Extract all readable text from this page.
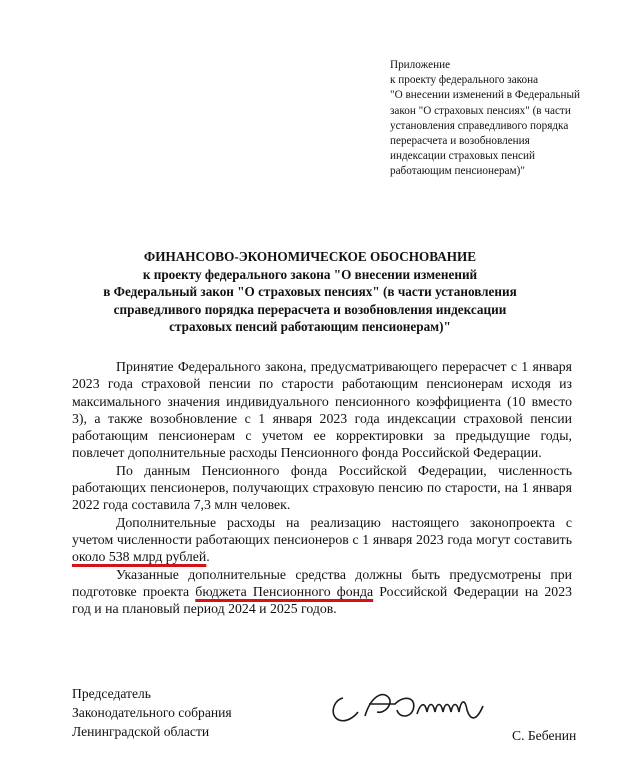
Приложение
к проекту федерального закона
"О внесении изменений в Федеральный
закон "О страховых пенсиях" (в части
установления справедливого порядка
перерасчета и возобновления
индексации страховых пенсий
работающим пенсионерам)"
ФИНАНСОВО-ЭКОНОМИЧЕСКОЕ ОБОСНОВАНИЕ
к проекту федерального закона "О внесении изменений
в Федеральный закон "О страховых пенсиях" (в части установления
справедливого порядка перерасчета и возобновления индексации
страховых пенсий работающим пенсионерам)"

Принятие Федерального закона, предусматривающего перерасчет с 1 января 2023 года страховой пенсии по старости работающим пенсионерам исходя из максимального значения индивидуального пенсионного коэффициента (10 вместо 3), а также возобновление с 1 января 2023 года индексации страховой пенсии работающим пенсионерам с учетом ее корректировки за предыдущие годы, повлечет дополнительные расходы Пенсионного фонда Российской Федерации.

По данным Пенсионного фонда Российской Федерации, численность работающих пенсионеров, получающих страховую пенсию по старости, на 1 января 2022 года составила 7,3 млн человек.

Дополнительные расходы на реализацию настоящего законопроекта с учетом численности работающих пенсионеров с 1 января 2023 года могут составить около 538 млрд рублей.

Указанные дополнительные средства должны быть предусмотрены при подготовке проекта бюджета Пенсионного фонда Российской Федерации на 2023 год и на плановый период 2024 и 2025 годов.

Председатель
Законодательного собрания
Ленинградской области	С. Бебенин
